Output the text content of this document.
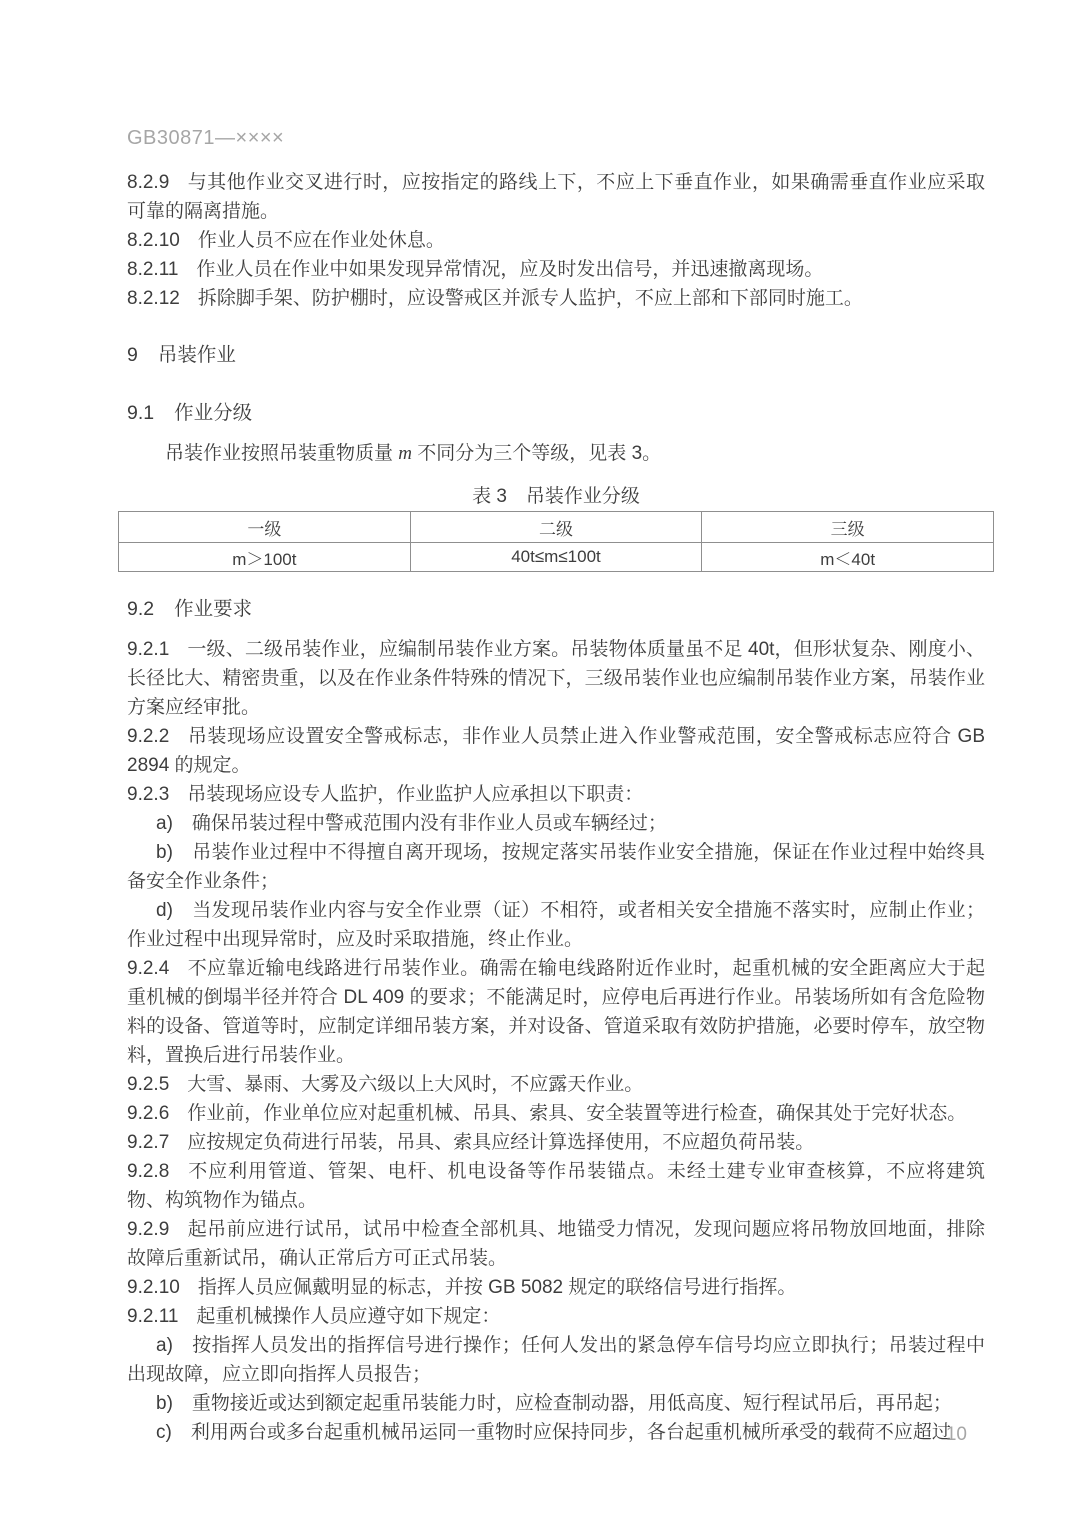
GB30871—××××

8.2.9 与其他作业交叉进行时，应按指定的路线上下，不应上下垂直作业，如果确需垂直作业应采取可靠的隔离措施。

8.2.10 作业人员不应在作业处休息。

8.2.11 作业人员在作业中如果发现异常情况，应及时发出信号，并迅速撤离现场。

8.2.12 拆除脚手架、防护棚时，应设警戒区并派专人监护，不应上部和下部同时施工。

9 吊装作业
9.1 作业分级

吊装作业按照吊装重物质量 m 不同分为三个等级，见表 3。

表 3　吊装作业分级
一级	二级	三级
m＞100t	40t≤m≤100t	m＜40t
9.2 作业要求

9.2.1 一级、二级吊装作业，应编制吊装作业方案。吊装物体质量虽不足 40t，但形状复杂、刚度小、长径比大、精密贵重，以及在作业条件特殊的情况下，三级吊装作业也应编制吊装作业方案，吊装作业方案应经审批。

9.2.2 吊装现场应设置安全警戒标志，非作业人员禁止进入作业警戒范围，安全警戒标志应符合 GB 2894 的规定。

9.2.3 吊装现场应设专人监护，作业监护人应承担以下职责：

a) 确保吊装过程中警戒范围内没有非作业人员或车辆经过；

b) 吊装作业过程中不得擅自离开现场，按规定落实吊装作业安全措施，保证在作业过程中始终具备安全作业条件；

d) 当发现吊装作业内容与安全作业票（证）不相符，或者相关安全措施不落实时，应制止作业；作业过程中出现异常时，应及时采取措施，终止作业。

9.2.4 不应靠近输电线路进行吊装作业。确需在输电线路附近作业时，起重机械的安全距离应大于起重机械的倒塌半径并符合 DL 409 的要求；不能满足时，应停电后再进行作业。吊装场所如有含危险物料的设备、管道等时，应制定详细吊装方案，并对设备、管道采取有效防护措施，必要时停车，放空物料，置换后进行吊装作业。

9.2.5 大雪、暴雨、大雾及六级以上大风时，不应露天作业。

9.2.6 作业前，作业单位应对起重机械、吊具、索具、安全装置等进行检查，确保其处于完好状态。

9.2.7 应按规定负荷进行吊装，吊具、索具应经计算选择使用，不应超负荷吊装。

9.2.8 不应利用管道、管架、电杆、机电设备等作吊装锚点。未经土建专业审查核算，不应将建筑物、构筑物作为锚点。

9.2.9 起吊前应进行试吊，试吊中检查全部机具、地锚受力情况，发现问题应将吊物放回地面，排除故障后重新试吊，确认正常后方可正式吊装。

9.2.10 指挥人员应佩戴明显的标志，并按 GB 5082 规定的联络信号进行指挥。

9.2.11 起重机械操作人员应遵守如下规定：

a) 按指挥人员发出的指挥信号进行操作；任何人发出的紧急停车信号均应立即执行；吊装过程中出现故障，应立即向指挥人员报告；

b) 重物接近或达到额定起重吊装能力时，应检查制动器，用低高度、短行程试吊后，再吊起；

c) 利用两台或多台起重机械吊运同一重物时应保持同步，各台起重机械所承受的载荷不应超过

10
